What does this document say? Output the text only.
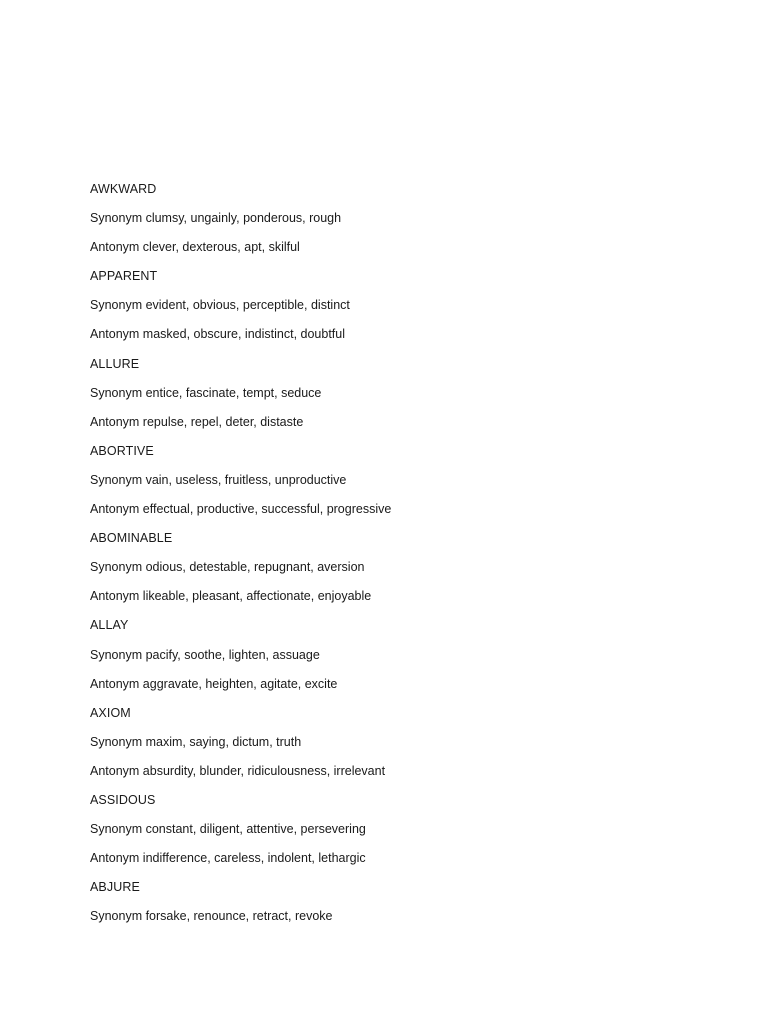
AWKWARD
Synonym clumsy, ungainly, ponderous, rough
Antonym clever, dexterous, apt, skilful
APPARENT
Synonym evident, obvious, perceptible, distinct
Antonym masked, obscure, indistinct, doubtful
ALLURE
Synonym entice, fascinate, tempt, seduce
Antonym repulse, repel, deter, distaste
ABORTIVE
Synonym vain, useless, fruitless, unproductive
Antonym effectual, productive, successful, progressive
ABOMINABLE
Synonym odious, detestable, repugnant, aversion
Antonym likeable, pleasant, affectionate, enjoyable
ALLAY
Synonym pacify, soothe, lighten, assuage
Antonym aggravate, heighten, agitate, excite
AXIOM
Synonym maxim, saying, dictum, truth
Antonym absurdity, blunder, ridiculousness, irrelevant
ASSIDOUS
Synonym constant, diligent, attentive, persevering
Antonym indifference, careless, indolent, lethargic
ABJURE
Synonym forsake, renounce, retract, revoke
